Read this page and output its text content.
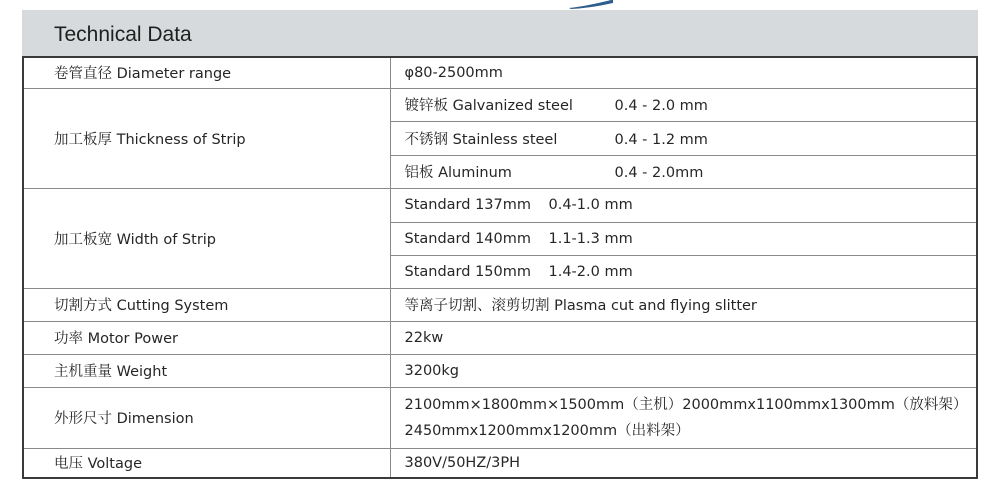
Technical Data
卷管直径 Diameter range	φ80-2500mm
加工板厚 Thickness of Strip	镀锌板 Galvanized steel 0.4 - 2.0 mm
	不锈钢 Stainless steel 0.4 - 1.2 mm
	铝板 Aluminum 0.4 - 2.0mm
加工板宽 Width of Strip	Standard 137mm 0.4-1.0 mm
	Standard 140mm 1.1-1.3 mm
	Standard 150mm 1.4-2.0 mm
切割方式 Cutting System	等离子切割、滚剪切割 Plasma cut and flying slitter
功率 Motor Power	22kw
主机重量 Weight	3200kg
外形尺寸 Dimension	2100mm×1800mm×1500mm（主机）2000mmx1100mmx1300mm（放料架）
2450mmx1200mmx1200mm（出料架）

电压 Voltage	380V/50HZ/3PH
